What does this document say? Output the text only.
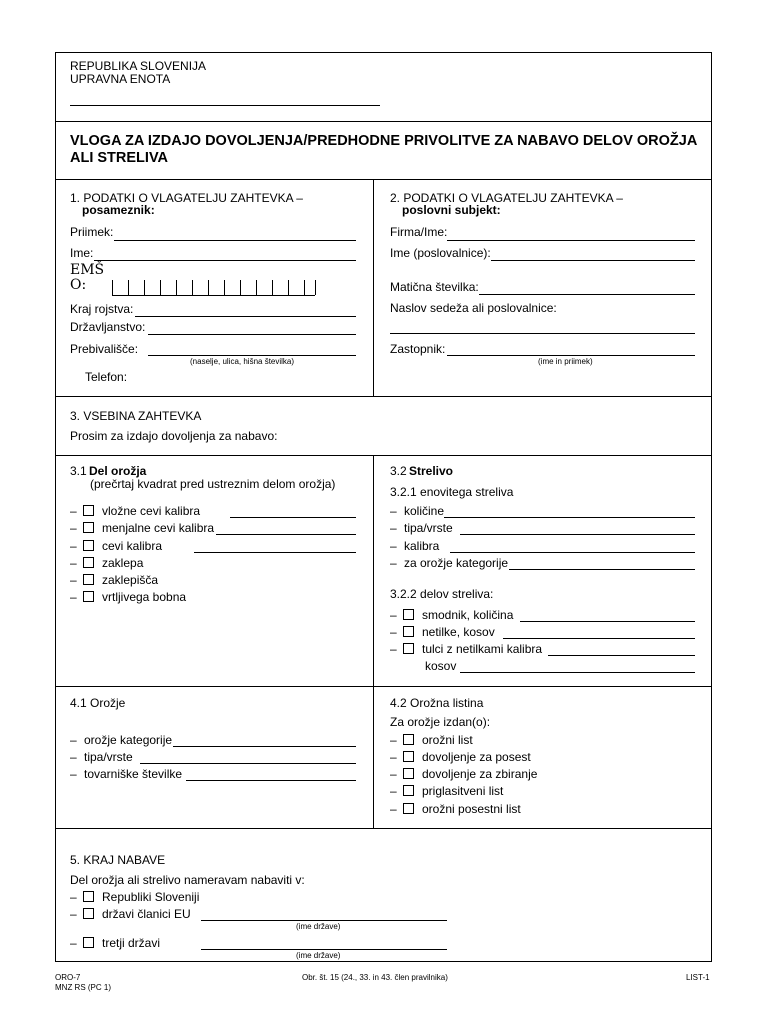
REPUBLIKA SLOVENIJA
UPRAVNA ENOTA
VLOGA ZA IZDAJO DOVOLJENJA/PREDHODNE PRIVOLITVE ZA NABAVO DELOV OROŽJA
ALI STRELIVA
1. PODATKI O VLAGATELJU ZAHTEVKA –
posameznik:
Priimek:
Ime:
EMŠ
O:
Kraj rojstva:
Državljanstvo:
Prebivališče:
(naselje, ulica, hišna številka)
Telefon:
2. PODATKI O VLAGATELJU ZAHTEVKA –
poslovni subjekt:
Firma/Ime:
Ime (poslovalnice):
Matična številka:
Naslov sedeža ali poslovalnice:
Zastopnik:
(ime in priimek)
3. VSEBINA ZAHTEVKA
Prosim za izdajo dovoljenja za nabavo:
3.1 Del orožja
(prečrtaj kvadrat pred ustreznim delom orožja)
– vložne cevi kalibra
– menjalne cevi kalibra
– cevi kalibra
– zaklepa
– zaklepišča
– vrtljivega bobna
3.2 Strelivo
3.2.1 enovitega streliva
– količine
– tipa/vrste
– kalibra
– za orožje kategorije
3.2.2 delov streliva:
– smodnik, količina
– netilke, kosov
– tulci z netilkami kalibra
kosov
4.1 Orožje
– orožje kategorije
– tipa/vrste
– tovarniške številke
4.2 Orožna listina
Za orožje izdan(o):
– orožni list
– dovoljenje za posest
– dovoljenje za zbiranje
– priglasitveni list
– orožni posestni list
5. KRAJ NABAVE
Del orožja ali strelivo nameravam nabaviti v:
– Republiki Sloveniji
– državi članici EU
(ime države)
– tretji državi
(ime države)
ORO-7
MNZ RS (PC 1)
Obr. št. 15 (24., 33. in 43. člen pravilnika)	LIST-1
